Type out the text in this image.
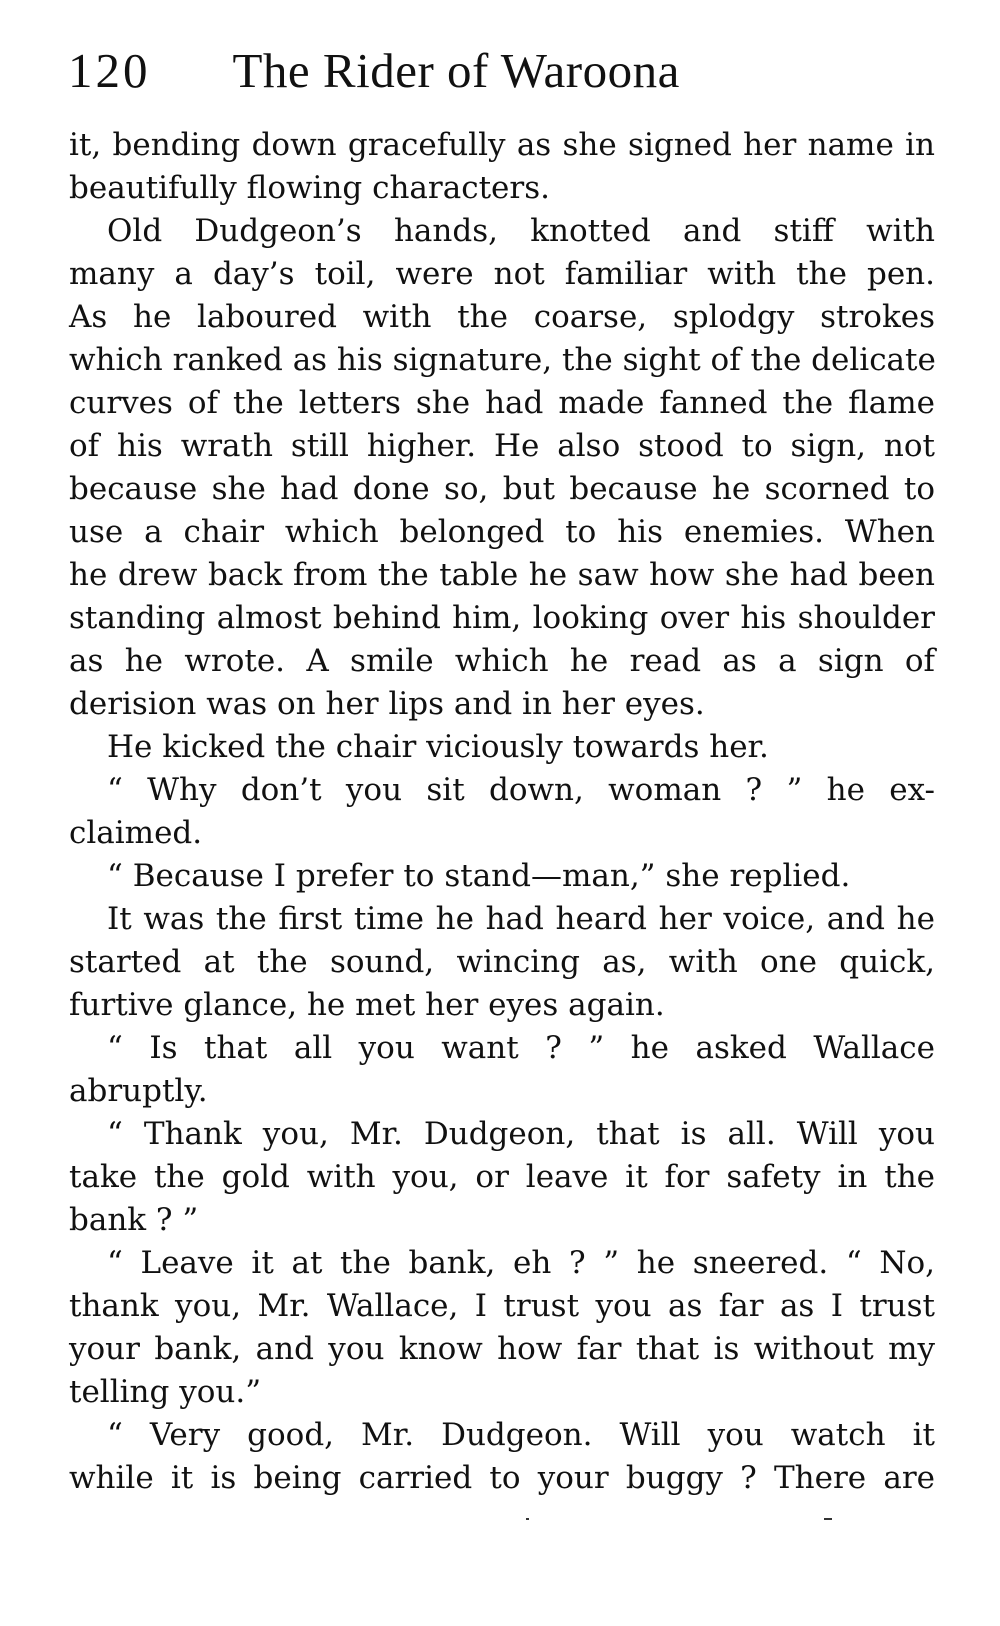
120 The Rider of Waroona
it, bending down gracefully as she signed her name in
beautifully flowing characters.
Old Dudgeon’s hands, knotted and stiff with
many a day’s toil, were not familiar with the pen.
As he laboured with the coarse, splodgy strokes
which ranked as his signature, the sight of the delicate
curves of the letters she had made fanned the flame
of his wrath still higher. He also stood to sign, not
because she had done so, but because he scorned to
use a chair which belonged to his enemies. When
he drew back from the table he saw how she had been
standing almost behind him, looking over his shoulder
as he wrote. A smile which he read as a sign of
derision was on her lips and in her eyes.
He kicked the chair viciously towards her.
“ Why don’t you sit down, woman ? ” he ex-
claimed.
“ Because I prefer to stand—man,” she replied.
It was the first time he had heard her voice, and he
started at the sound, wincing as, with one quick,
furtive glance, he met her eyes again.
“ Is that all you want ? ” he asked Wallace
abruptly.
“ Thank you, Mr. Dudgeon, that is all. Will you
take the gold with you, or leave it for safety in the
bank ? ”
“ Leave it at the bank, eh ? ” he sneered. “ No,
thank you, Mr. Wallace, I trust you as far as I trust
your bank, and you know how far that is without my
telling you.”
“ Very good, Mr. Dudgeon. Will you watch it
while it is being carried to your buggy ? There are
